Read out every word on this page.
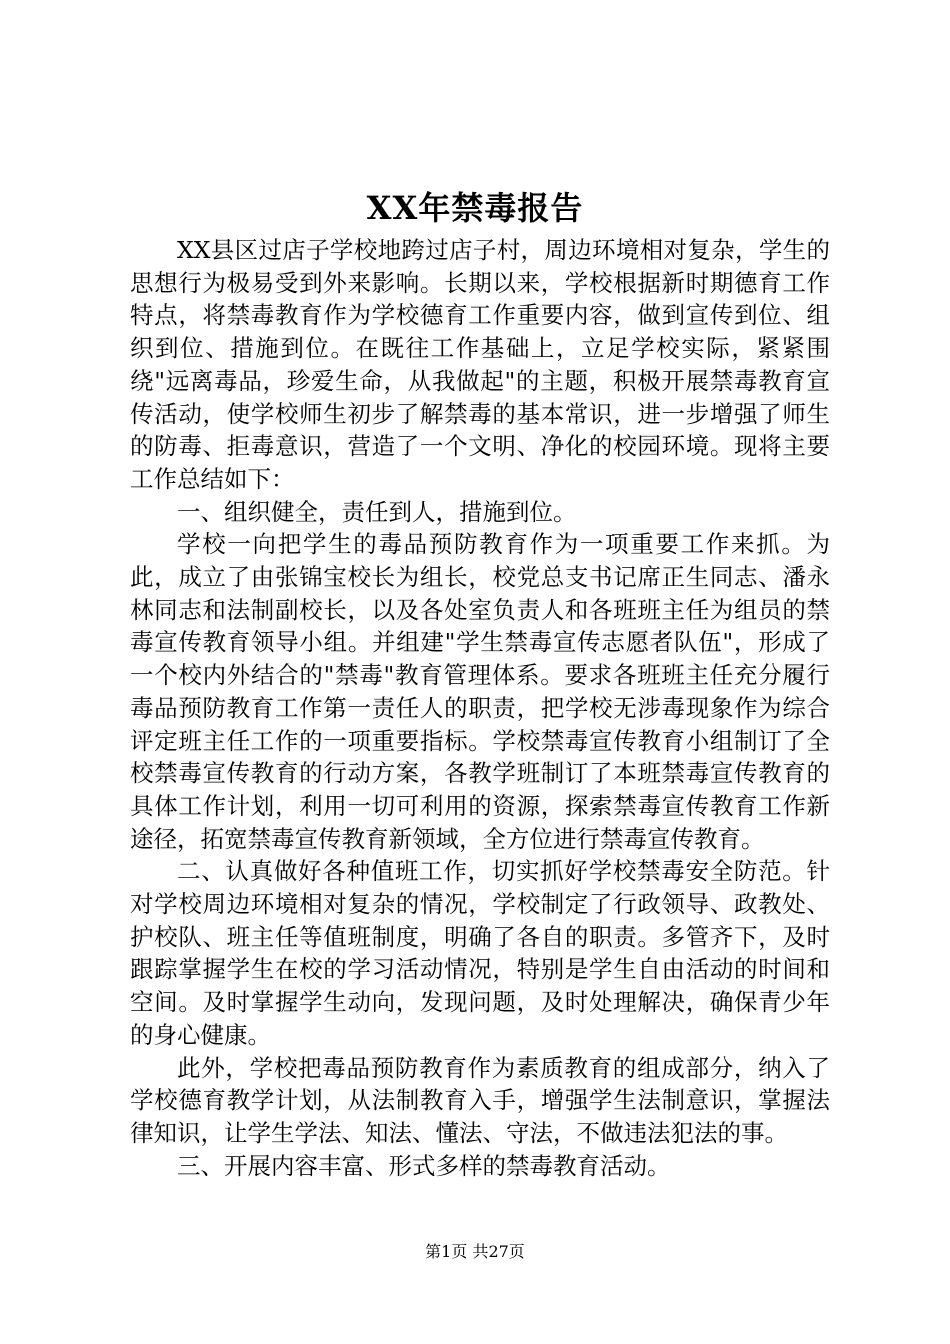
XX年禁毒报告

XX县区过店子学校地跨过店子村，周边环境相对复杂，学生的思想行为极易受到外来影响。长期以来，学校根据新时期德育工作特点，将禁毒教育作为学校德育工作重要内容，做到宣传到位、组织到位、措施到位。在既往工作基础上，立足学校实际，紧紧围绕"远离毒品，珍爱生命，从我做起"的主题，积极开展禁毒教育宣传活动，使学校师生初步了解禁毒的基本常识，进一步增强了师生的防毒、拒毒意识，营造了一个文明、净化的校园环境。现将主要工作总结如下：

一、组织健全，责任到人，措施到位。

学校一向把学生的毒品预防教育作为一项重要工作来抓。为此，成立了由张锦宝校长为组长，校党总支书记席正生同志、潘永林同志和法制副校长，以及各处室负责人和各班班主任为组员的禁毒宣传教育领导小组。并组建"学生禁毒宣传志愿者队伍"，形成了一个校内外结合的"禁毒"教育管理体系。要求各班班主任充分履行毒品预防教育工作第一责任人的职责，把学校无涉毒现象作为综合评定班主任工作的一项重要指标。学校禁毒宣传教育小组制订了全校禁毒宣传教育的行动方案，各教学班制订了本班禁毒宣传教育的具体工作计划，利用一切可利用的资源，探索禁毒宣传教育工作新途径，拓宽禁毒宣传教育新领域，全方位进行禁毒宣传教育。

二、认真做好各种值班工作，切实抓好学校禁毒安全防范。针对学校周边环境相对复杂的情况，学校制定了行政领导、政教处、护校队、班主任等值班制度，明确了各自的职责。多管齐下，及时跟踪掌握学生在校的学习活动情况，特别是学生自由活动的时间和空间。及时掌握学生动向，发现问题，及时处理解决，确保青少年的身心健康。

此外，学校把毒品预防教育作为素质教育的组成部分，纳入了学校德育教学计划，从法制教育入手，增强学生法制意识，掌握法律知识，让学生学法、知法、懂法、守法，不做违法犯法的事。

三、开展内容丰富、形式多样的禁毒教育活动。

第1页 共27页
